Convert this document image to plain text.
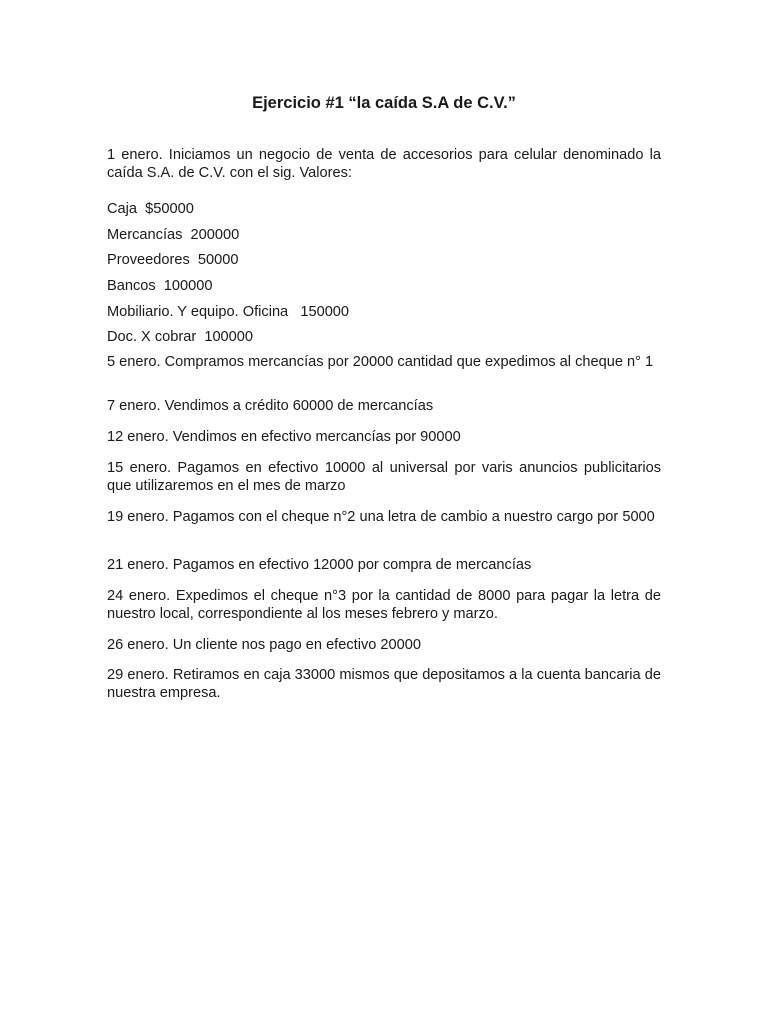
Ejercicio #1 “la caída S.A de C.V.”

1 enero. Iniciamos un negocio de venta de accesorios para celular denominado la caída S.A. de C.V. con el sig. Valores:

Caja  $50000

Mercancías  200000

Proveedores  50000

Bancos  100000

Mobiliario. Y equipo. Oficina   150000

Doc. X cobrar  100000

5 enero. Compramos mercancías por 20000 cantidad que expedimos al cheque n° 1

7 enero. Vendimos a crédito 60000 de mercancías

12 enero. Vendimos en efectivo mercancías por 90000

15 enero. Pagamos en efectivo 10000 al universal por varis anuncios publicitarios que utilizaremos en el mes de marzo

19 enero. Pagamos con el cheque n°2 una letra de cambio a nuestro cargo por 5000

21 enero. Pagamos en efectivo 12000 por compra de mercancías

24 enero. Expedimos el cheque n°3 por la cantidad de 8000 para pagar la letra de nuestro local, correspondiente al los meses febrero y marzo.

26 enero. Un cliente nos pago en efectivo 20000

29 enero. Retiramos en caja 33000 mismos que depositamos a la cuenta bancaria de nuestra empresa.
